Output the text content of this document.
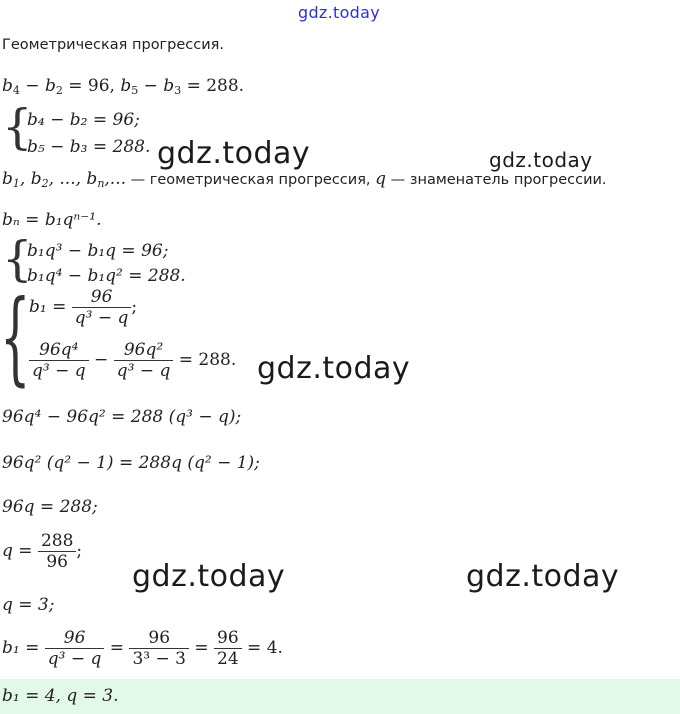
gdz.today
Геометрическая прогрессия.
$b_4 - b_2 = 96$, $b_5 - b_3 = 288$.
{
b₄ − b₂ = 96;
b₅ − b₃ = 288. gdz.today	gdz.today
gdz.today
gdz.today	gdz.today
$b_1$, $b_2$, ..., $b_n$,... — геометрическая прогрессия, q — знаменатель прогрессии.
bₙ = b₁qⁿ⁻¹.
{
b₁q³ − b₁q = 96;
b₁q⁴ − b₁q² = 288.
{
$b_1 = \frac{96}{\text{q³ − q}}$ ;
$\frac{\text{96q⁴}}{\text{q³ − q}} - \frac{\text{96q²}}{\text{q³ − q}} = 288$.
96q⁴ − 96q² = 288 (q³ − q);
96q² (q² − 1) = 288q (q² − 1);
96q = 288;
$q = \frac{288}{96}$ ;
q = 3;
$b_1 = \frac{96}{\text{q³ − q}} = \frac{96}{\text{3³ − 3}} = \frac{96}{24} = 4$.
b₁ = 4, q = 3.
